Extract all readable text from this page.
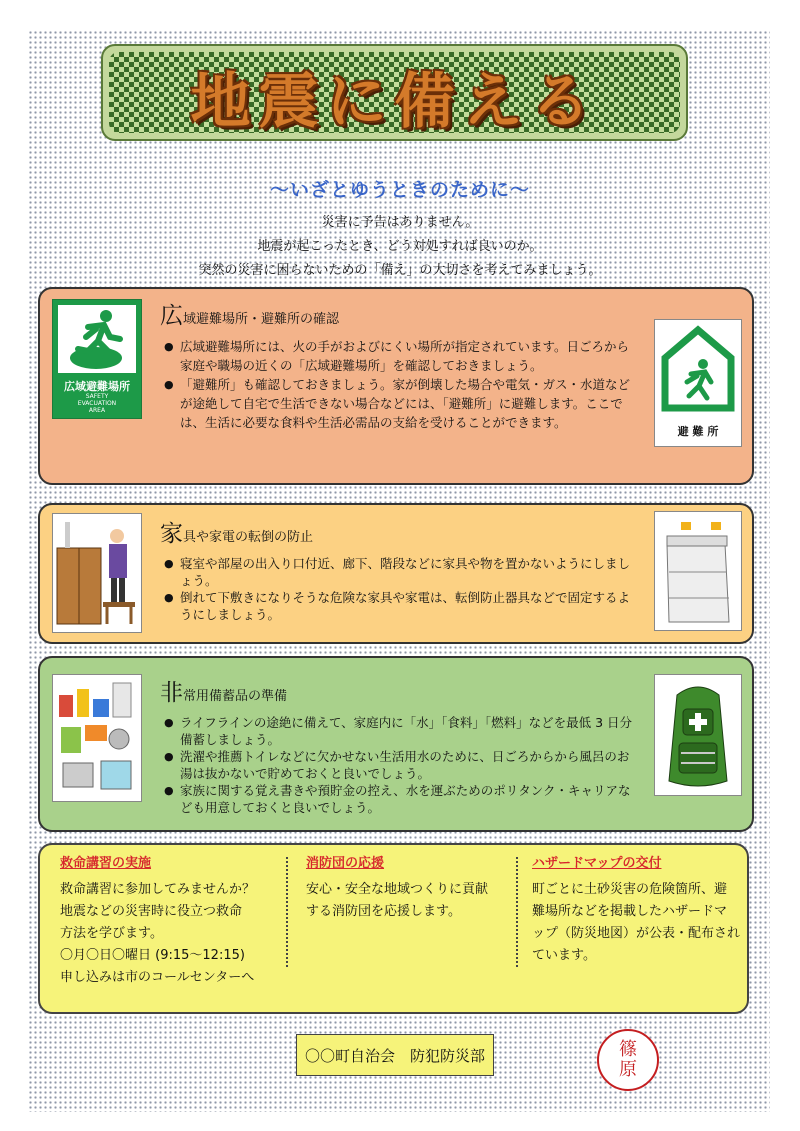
地震に備える
～いざとゆうときのために～
災害に予告はありません。
地震が起こったとき、どう対処すれば良いのか。
突然の災害に困らないための「備え」の大切さを考えてみましょう。
広域避難場所
SAFETY
EVACUATION
AREA
広域避難場所・避難所の確認
● 広域避難場所には、火の手がおよびにくい場所が指定されています。日ごろから家庭や職場の近くの「広域避難場所」を確認しておきましょう。
● 「避難所」も確認しておきましょう。家が倒壊した場合や電気・ガス・水道などが途絶して自宅で生活できない場合などには、「避難所」に避難します。ここでは、生活に必要な食料や生活必需品の支給を受けることができます。
避 難 所
家具や家電の転倒の防止
● 寝室や部屋の出入り口付近、廊下、階段などに家具や物を置かないようにしましょう。
● 倒れて下敷きになりそうな危険な家具や家電は、転倒防止器具などで固定するようにしましょう。
非常用備蓄品の準備
● ライフラインの途絶に備えて、家庭内に「水」「食料」「燃料」などを最低 3 日分備蓄しましょう。
● 洗濯や推薦トイレなどに欠かせない生活用水のために、日ごろからから風呂のお湯は抜かないで貯めておくと良いでしょう。
● 家族に関する覚え書きや預貯金の控え、水を運ぶためのポリタンク・キャリアなども用意しておくと良いでしょう。
救命講習の実施
救命講習に参加してみませんか？
地震などの災害時に役立つ救命
方法を学びます。
〇月〇日〇曜日 (9:15～12:15)
申し込みは市のコールセンターへ
消防団の応援
安心・安全な地域つくりに貢献
する消防団を応援します。
ハザードマップの交付
町ごとに土砂災害の危険箇所、避
難場所などを掲載したハザードマ
ップ（防災地図）が公表・配布され
ています。
〇〇町自治会　防犯防災部	篠
原
